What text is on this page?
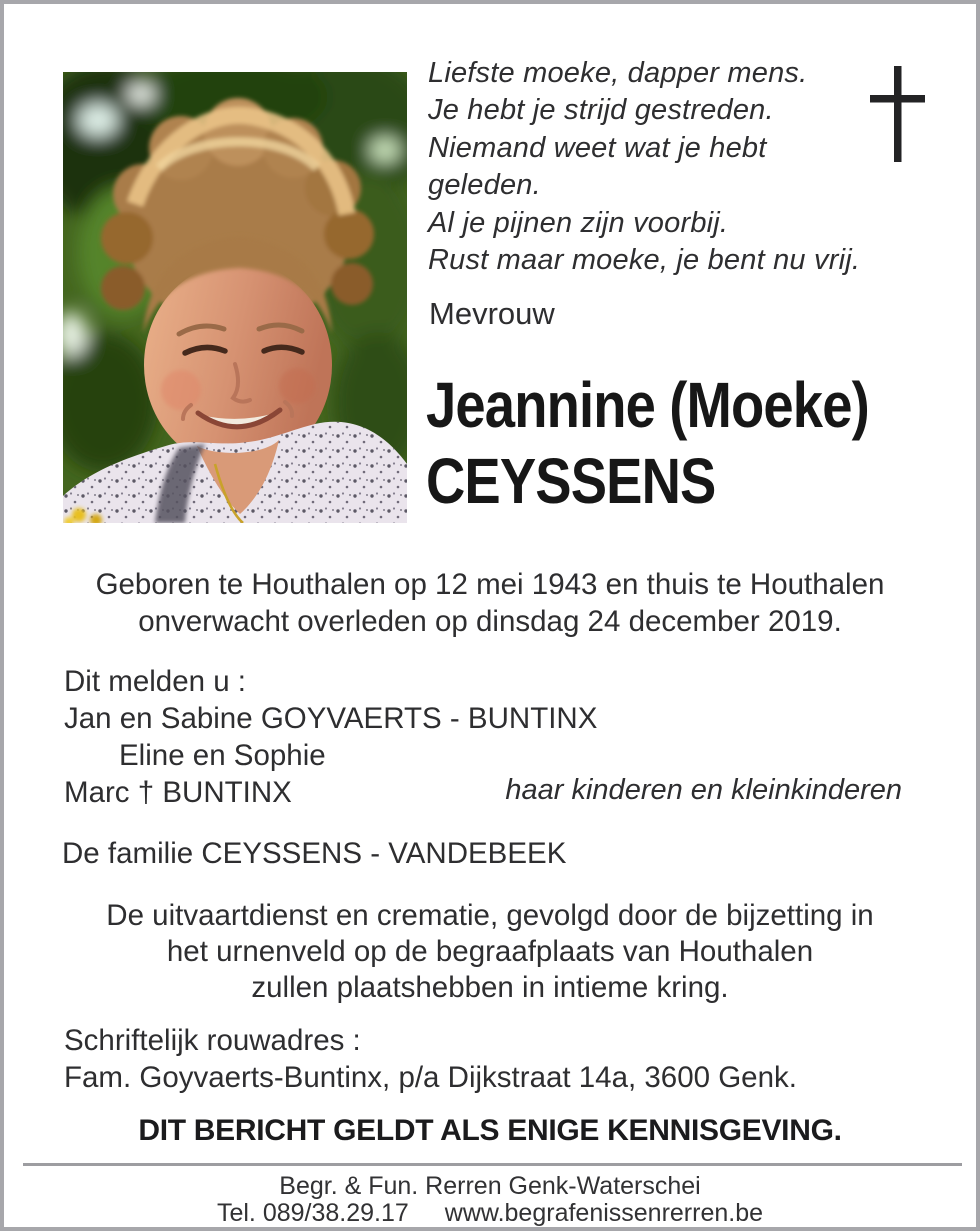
Liefste moeke, dapper mens.
Je hebt je strijd gestreden.
Niemand weet wat je hebt
geleden.
Al je pijnen zijn voorbij.
Rust maar moeke, je bent nu vrij.
Mevrouw
Jeannine (Moeke)
CEYSSENS
Geboren te Houthalen op 12 mei 1943 en thuis te Houthalen
onverwacht overleden op dinsdag 24 december 2019.
Dit melden u :
Jan en Sabine GOYVAERTS - BUNTINX
Eline en Sophie
Marc † BUNTINX	haar kinderen en kleinkinderen
De familie CEYSSENS - VANDEBEEK
De uitvaartdienst en crematie, gevolgd door de bijzetting in
het urnenveld op de begraafplaats van Houthalen
zullen plaatshebben in intieme kring.
Schriftelijk rouwadres :
Fam. Goyvaerts-Buntinx, p/a Dijkstraat 14a, 3600 Genk.
DIT BERICHT GELDT ALS ENIGE KENNISGEVING.
Begr. & Fun. Rerren Genk-Waterschei
Tel. 089/38.29.17 www.begrafenissenrerren.be
